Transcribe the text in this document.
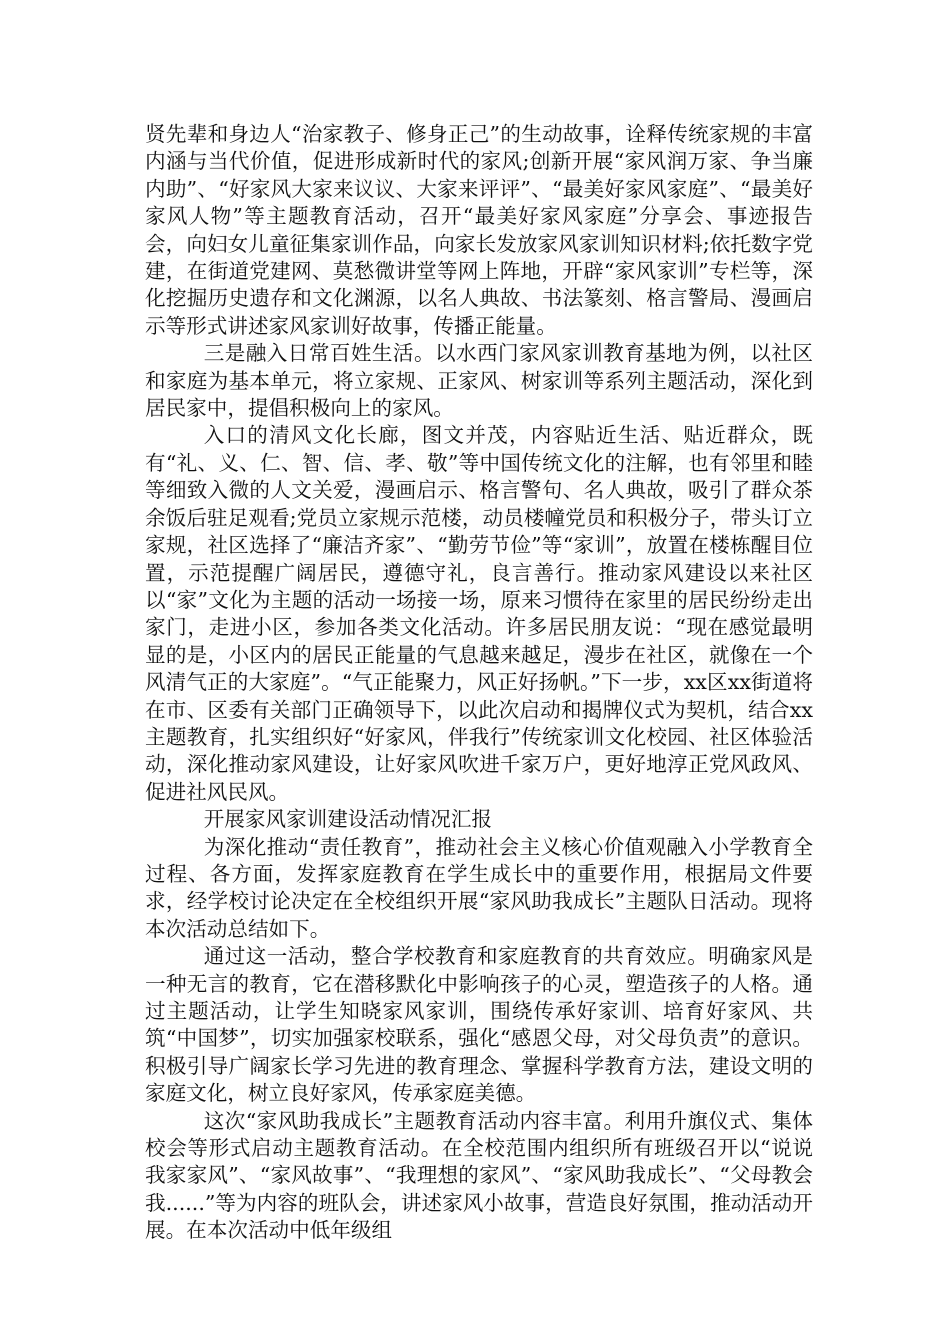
贤先辈和身边人“治家教子、修身正己”的生动故事，诠释传统家规的丰富内涵与当代价值，促进形成新时代的家风;创新开展“家风润万家、争当廉内助”、“好家风大家来议议、大家来评评”、“最美好家风家庭”、“最美好家风人物”等主题教育活动，召开“最美好家风家庭”分享会、事迹报告会，向妇女儿童征集家训作品，向家长发放家风家训知识材料;依托数字党建，在街道党建网、莫愁微讲堂等网上阵地，开辟“家风家训”专栏等，深化挖掘历史遗存和文化渊源，以名人典故、书法篆刻、格言警局、漫画启示等形式讲述家风家训好故事，传播正能量。

三是融入日常百姓生活。以水西门家风家训教育基地为例，以社区和家庭为基本单元，将立家规、正家风、树家训等系列主题活动，深化到居民家中，提倡积极向上的家风。

入口的清风文化长廊，图文并茂，内容贴近生活、贴近群众，既有“礼、义、仁、智、信、孝、敬”等中国传统文化的注解，也有邻里和睦等细致入微的人文关爱，漫画启示、格言警句、名人典故，吸引了群众茶余饭后驻足观看;党员立家规示范楼，动员楼幢党员和积极分子，带头订立家规，社区选择了“廉洁齐家”、“勤劳节俭”等“家训”，放置在楼栋醒目位置，示范提醒广阔居民，遵德守礼，良言善行。推动家风建设以来社区以“家”文化为主题的活动一场接一场，原来习惯待在家里的居民纷纷走出家门，走进小区，参加各类文化活动。许多居民朋友说：“现在感觉最明显的是，小区内的居民正能量的气息越来越足，漫步在社区，就像在一个风清气正的大家庭”。“气正能聚力，风正好扬帆。”下一步，xx区xx街道将在市、区委有关部门正确领导下，以此次启动和揭牌仪式为契机，结合xx主题教育，扎实组织好“好家风，伴我行”传统家训文化校园、社区体验活动，深化推动家风建设，让好家风吹进千家万户，更好地淳正党风政风、促进社风民风。

开展家风家训建设活动情况汇报

为深化推动“责任教育”，推动社会主义核心价值观融入小学教育全过程、各方面，发挥家庭教育在学生成长中的重要作用，根据局文件要求，经学校讨论决定在全校组织开展“家风助我成长”主题队日活动。现将本次活动总结如下。

通过这一活动，整合学校教育和家庭教育的共育效应。明确家风是一种无言的教育，它在潜移默化中影响孩子的心灵，塑造孩子的人格。通过主题活动，让学生知晓家风家训，围绕传承好家训、培育好家风、共筑“中国梦”，切实加强家校联系，强化“感恩父母，对父母负责”的意识。积极引导广阔家长学习先进的教育理念、掌握科学教育方法，建设文明的家庭文化，树立良好家风，传承家庭美德。

这次“家风助我成长”主题教育活动内容丰富。利用升旗仪式、集体校会等形式启动主题教育活动。在全校范围内组织所有班级召开以“说说我家家风”、“家风故事”、“我理想的家风”、“家风助我成长”、“父母教会我......”等为内容的班队会，讲述家风小故事，营造良好氛围，推动活动开展。在本次活动中低年级组
